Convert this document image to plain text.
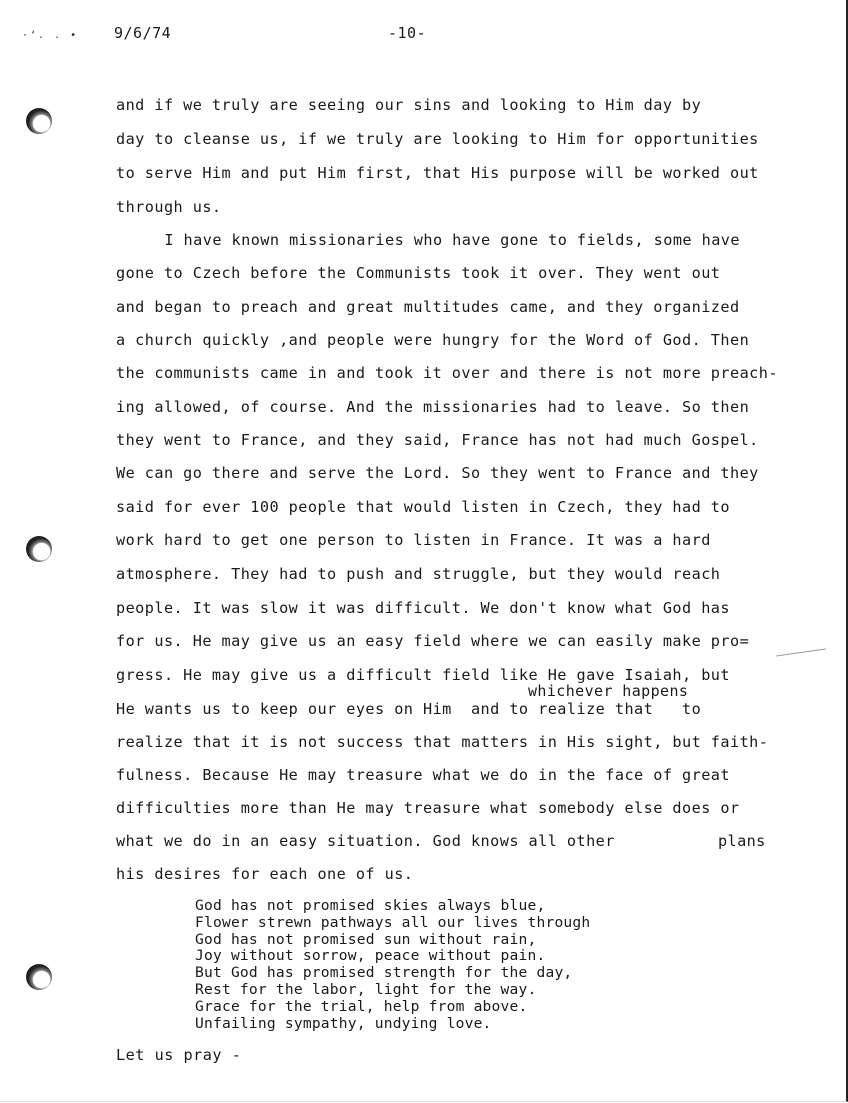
·‘. . • 9/6/74	-10-
and if we truly are seeing our sins and looking to Him day by
day to cleanse us, if we truly are looking to Him for opportunities
to serve Him and put Him first, that His purpose will be worked out
through us.
I have known missionaries who have gone to fields, some have
gone to Czech before the Communists took it over. They went out
and began to preach and great multitudes came, and they organized
a church quickly ,and people were hungry for the Word of God. Then
the communists came in and took it over and there is not more preach-
ing allowed, of course. And the missionaries had to leave. So then
they went to France, and they said, France has not had much Gospel.
We can go there and serve the Lord. So they went to France and they
said for ever 100 people that would listen in Czech, they had to
work hard to get one person to listen in France. It was a hard
atmosphere. They had to push and struggle, but they would reach
people. It was slow it was difficult. We don't know what God has
for us. He may give us an easy field where we can easily make pro=
gress. He may give us a difficult field like He gave Isaiah, but
whichever happens
He wants us to keep our eyes on Him  and to realize that   to
realize that it is not success that matters in His sight, but faith-
fulness. Because He may treasure what we do in the face of great
difficulties more than He may treasure what somebody else does or
what we do in an easy situation. God knows all other	plans
his desires for each one of us.
God has not promised skies always blue,
Flower strewn pathways all our lives through
God has not promised sun without rain,
Joy without sorrow, peace without pain.
But God has promised strength for the day,
Rest for the labor, light for the way.
Grace for the trial, help from above.
Unfailing sympathy, undying love.
Let us pray -
